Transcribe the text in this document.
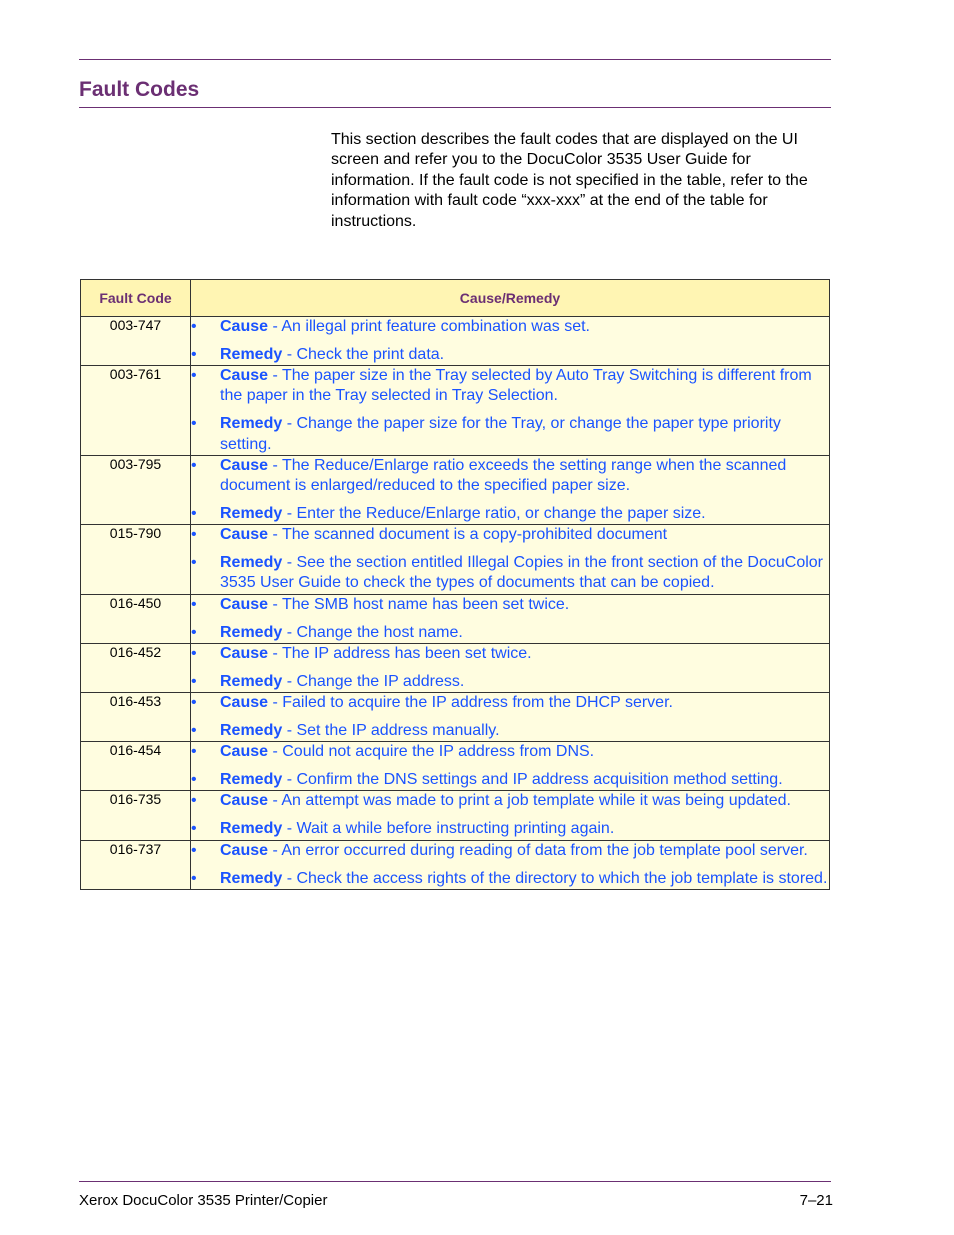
Fault Codes

This section describes the fault codes that are displayed on the UI screen and refer you to the DocuColor 3535 User Guide for information. If the fault code is not specified in the table, refer to the information with fault code “xxx-xxx” at the end of the table for instructions.

Fault Code	Cause/Remedy
003-747	• Cause - An illegal print feature combination was set.
• Remedy - Check the print data.

003-761	• Cause - The paper size in the Tray selected by Auto Tray Switching is different from the paper in the Tray selected in Tray Selection.
• Remedy - Change the paper size for the Tray, or change the paper type priority setting.

003-795	• Cause - The Reduce/Enlarge ratio exceeds the setting range when the scanned document is enlarged/reduced to the specified paper size.
• Remedy - Enter the Reduce/Enlarge ratio, or change the paper size.

015-790	• Cause - The scanned document is a copy-prohibited document
• Remedy - See the section entitled Illegal Copies in the front section of the DocuColor 3535 User Guide to check the types of documents that can be copied.

016-450	• Cause - The SMB host name has been set twice.
• Remedy - Change the host name.

016-452	• Cause - The IP address has been set twice.
• Remedy - Change the IP address.

016-453	• Cause - Failed to acquire the IP address from the DHCP server.
• Remedy - Set the IP address manually.

016-454	• Cause - Could not acquire the IP address from DNS.
• Remedy - Confirm the DNS settings and IP address acquisition method setting.

016-735	• Cause - An attempt was made to print a job template while it was being updated.
• Remedy - Wait a while before instructing printing again.

016-737	• Cause - An error occurred during reading of data from the job template pool server.
• Remedy - Check the access rights of the directory to which the job template is stored.
Xerox DocuColor 3535 Printer/Copier	7–21
